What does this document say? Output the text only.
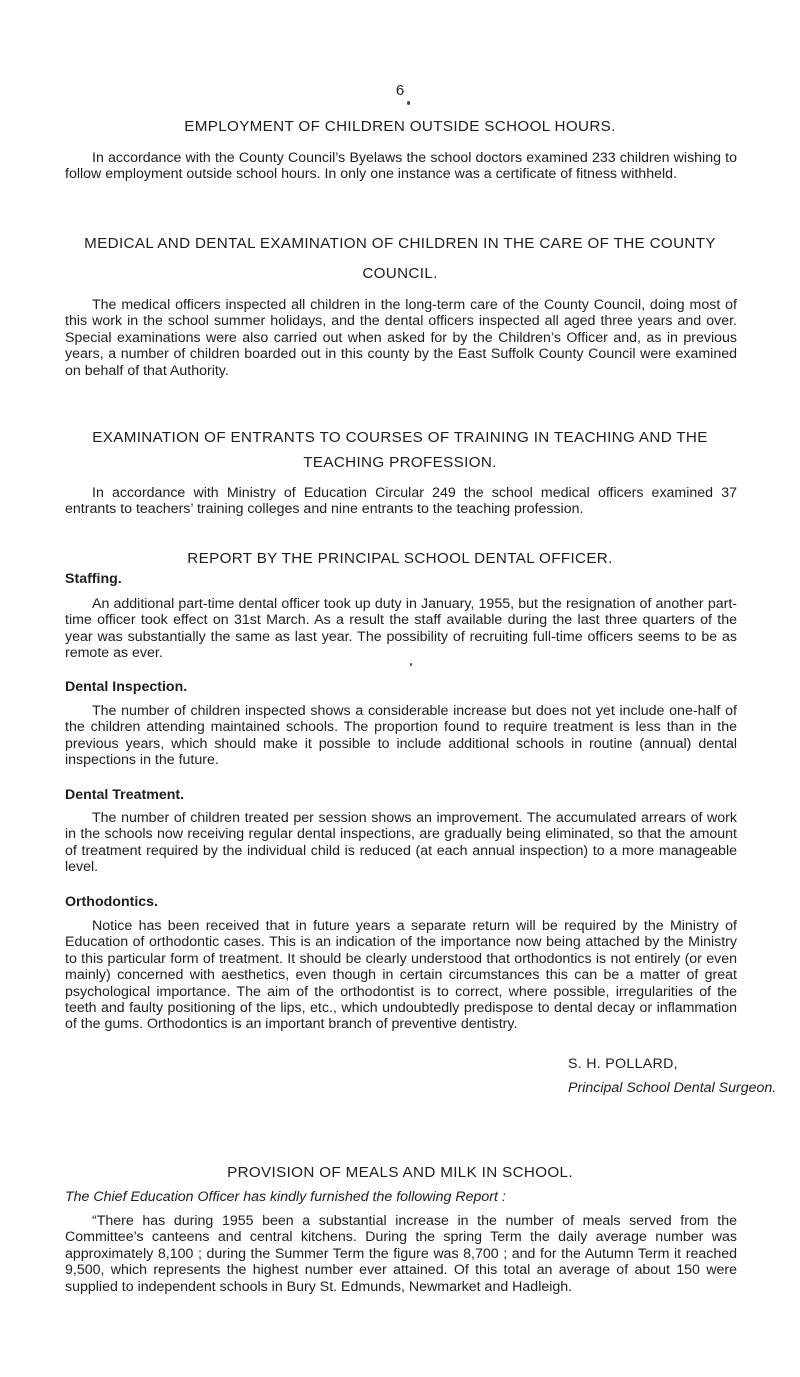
6
EMPLOYMENT OF CHILDREN OUTSIDE SCHOOL HOURS.

In accordance with the County Council’s Byelaws the school doctors examined 233 children wishing to follow employment outside school hours. In only one instance was a certificate of fitness withheld.

MEDICAL AND DENTAL EXAMINATION OF CHILDREN IN THE CARE OF THE COUNTY
COUNCIL.

The medical officers inspected all children in the long-term care of the County Council, doing most of this work in the school summer holidays, and the dental officers inspected all aged three years and over. Special examinations were also carried out when asked for by the Children’s Officer and, as in previous years, a number of children boarded out in this county by the East Suffolk County Council were examined on behalf of that Authority.

EXAMINATION OF ENTRANTS TO COURSES OF TRAINING IN TEACHING AND THE
TEACHING PROFESSION.

In accordance with Ministry of Education Circular 249 the school medical officers examined 37 entrants to teachers’ training colleges and nine entrants to the teaching profession.

REPORT BY THE PRINCIPAL SCHOOL DENTAL OFFICER.
Staffing.

An additional part-time dental officer took up duty in January, 1955, but the resignation of another part-time officer took effect on 31st March. As a result the staff available during the last three quarters of the year was substantially the same as last year. The possibility of recruiting full-time officers seems to be as remote as ever.

Dental Inspection.

The number of children inspected shows a considerable increase but does not yet include one-half of the children attending maintained schools. The proportion found to require treatment is less than in the previous years, which should make it possible to include additional schools in routine (annual) dental inspections in the future.

Dental Treatment.

The number of children treated per session shows an improvement. The accumulated arrears of work in the schools now receiving regular dental inspections, are gradually being eliminated, so that the amount of treatment required by the individual child is reduced (at each annual inspection) to a more manageable level.

Orthodontics.

Notice has been received that in future years a separate return will be required by the Ministry of Education of orthodontic cases. This is an indication of the importance now being attached by the Ministry to this particular form of treatment. It should be clearly understood that orthodontics is not entirely (or even mainly) concerned with aesthetics, even though in certain circumstances this can be a matter of great psychological importance. The aim of the orthodontist is to correct, where possible, irregularities of the teeth and faulty positioning of the lips, etc., which undoubtedly predispose to dental decay or inflammation of the gums. Orthodontics is an important branch of preventive dentistry.

S. H. POLLARD,
Principal School Dental Surgeon.
PROVISION OF MEALS AND MILK IN SCHOOL.
The Chief Education Officer has kindly furnished the following Report :

“There has during 1955 been a substantial increase in the number of meals served from the Committee’s canteens and central kitchens. During the spring Term the daily average number was approximately 8,100 ; during the Summer Term the figure was 8,700 ; and for the Autumn Term it reached 9,500, which represents the highest number ever attained. Of this total an average of about 150 were supplied to independent schools in Bury St. Edmunds, Newmarket and Hadleigh.
